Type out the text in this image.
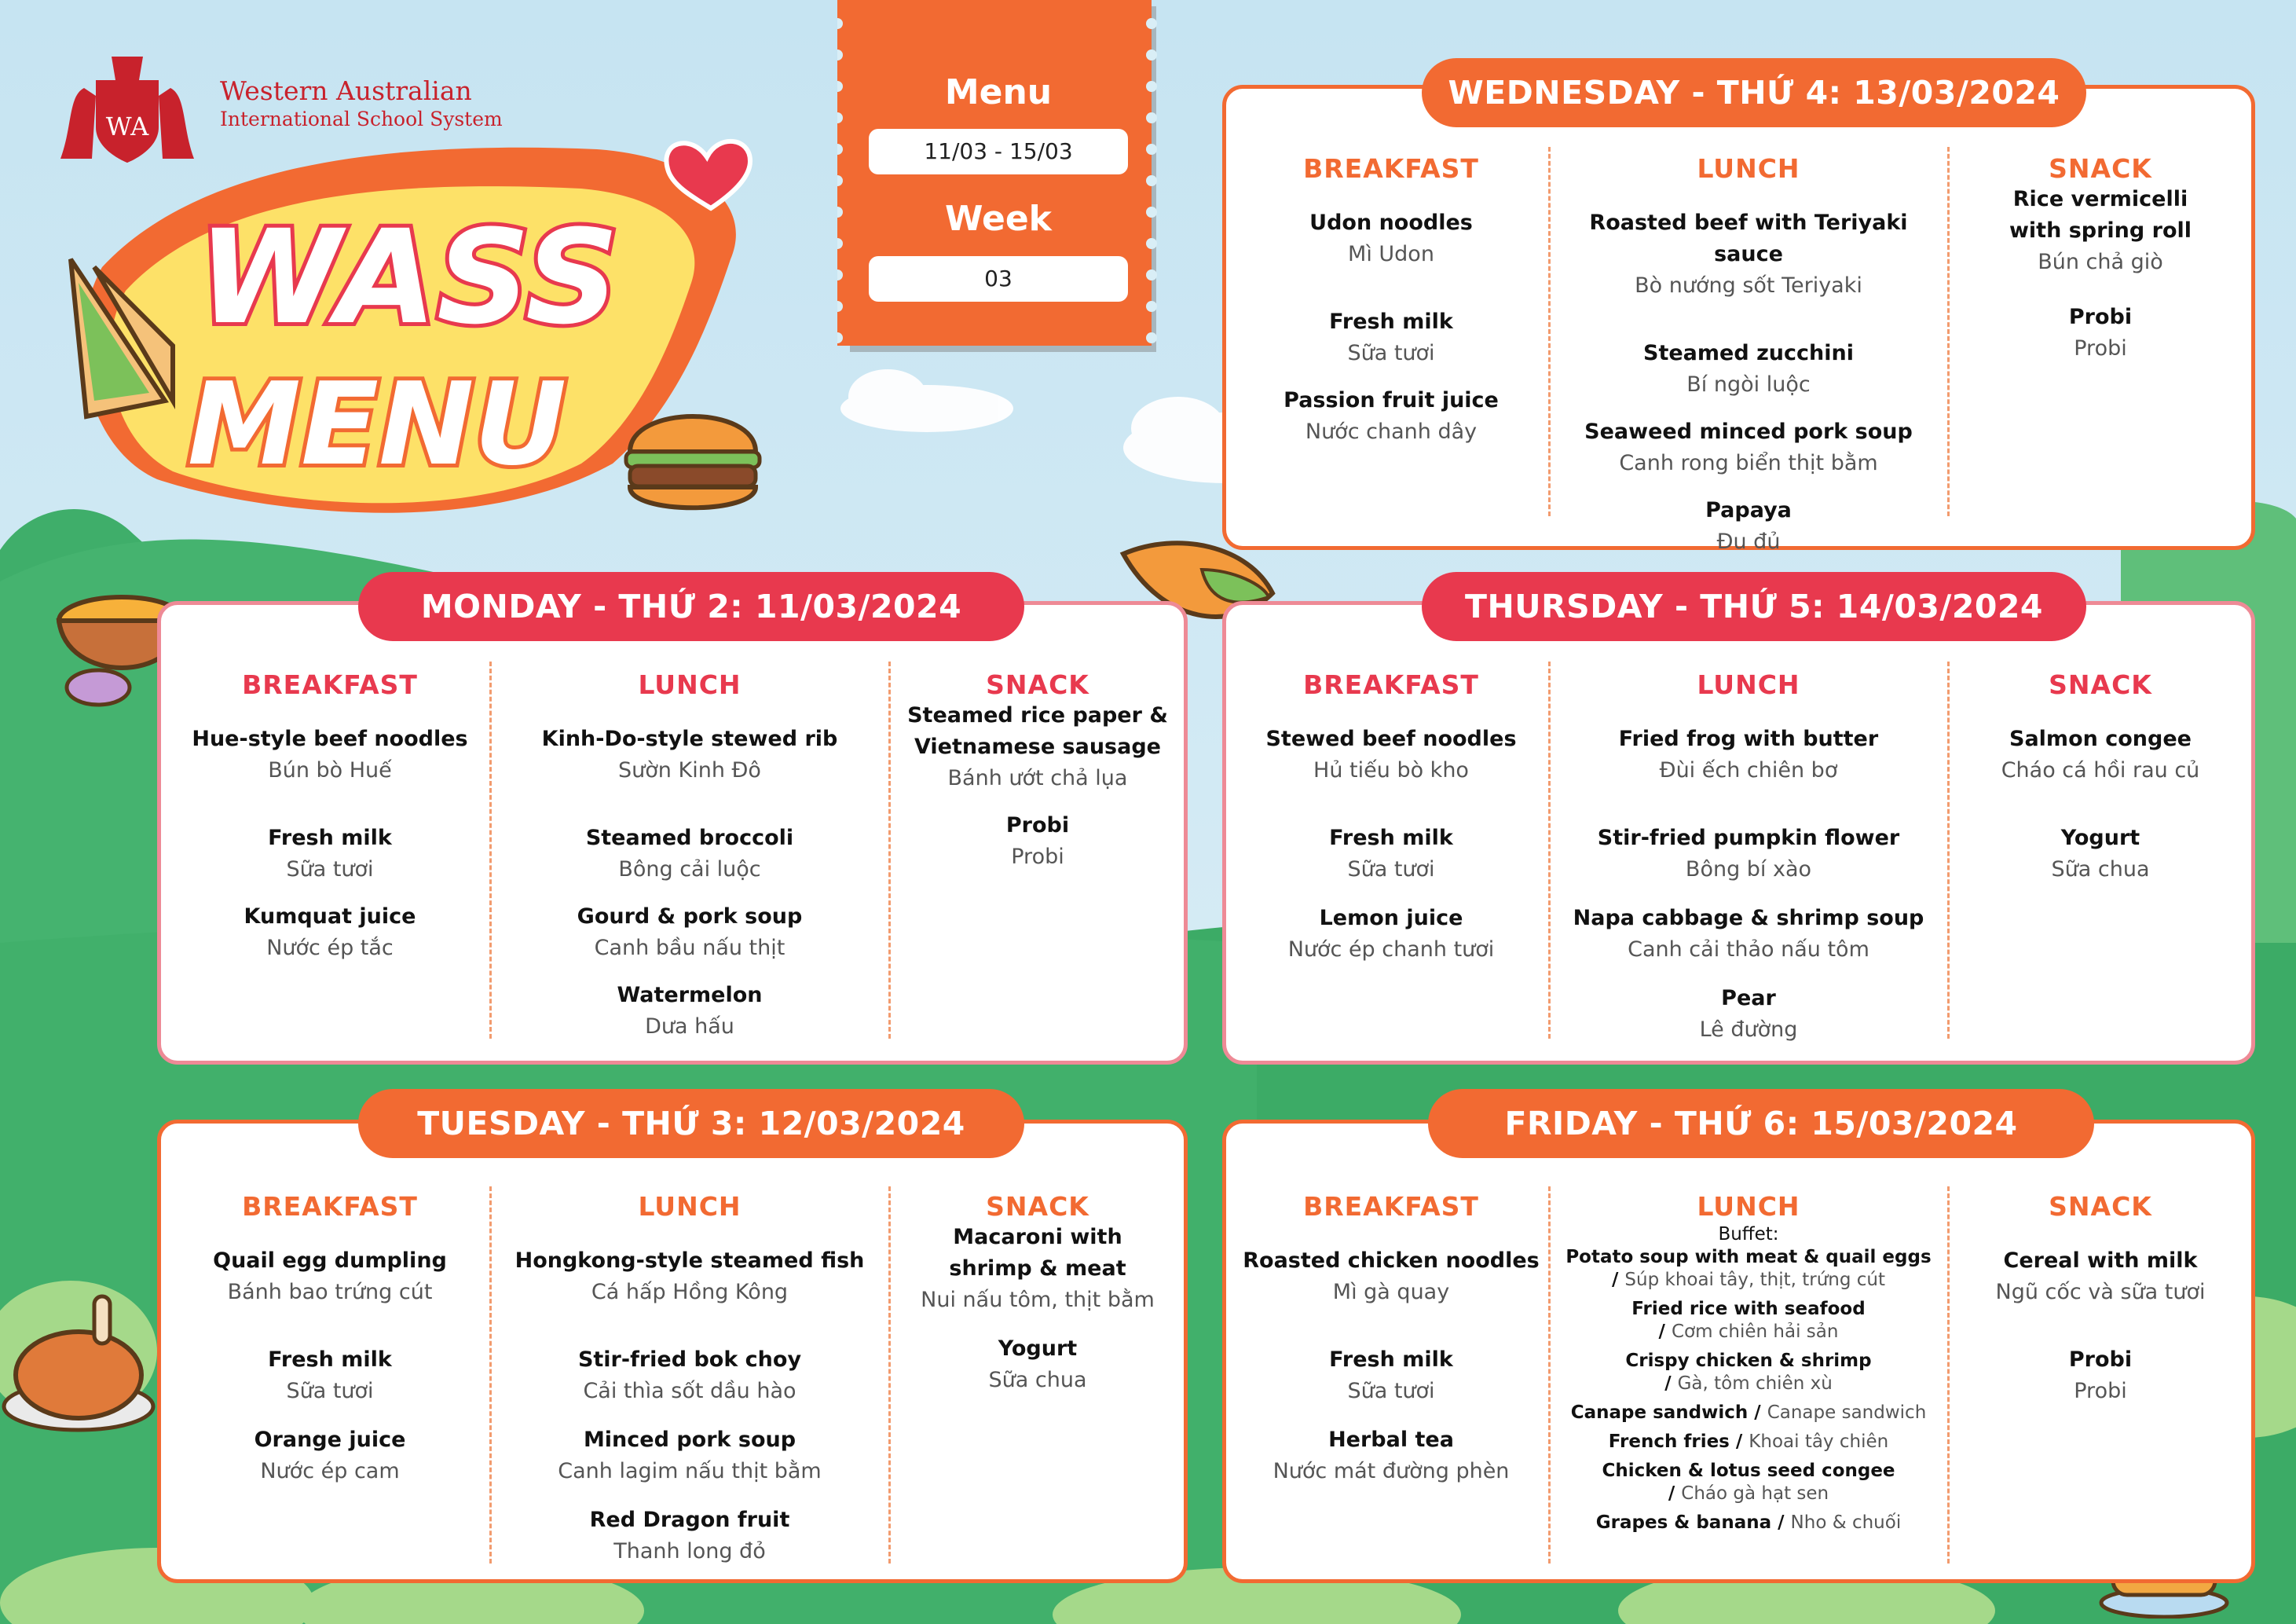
WA
Western Australian
International School System
WASS
MENU
Menu
11/03 - 15/03
Week
03
BREAKFAST
Udon noodles
Mì Udon
Fresh milk
Sữa tươi
Passion fruit juice
Nước chanh dây
LUNCH
Roasted beef with Teriyaki sauce
Bò nướng sốt Teriyaki
Steamed zucchini
Bí ngòi luộc
Seaweed minced pork soup
Canh rong biển thịt bằm
Papaya
Đu đủ
SNACK
Rice vermicelli
with spring roll
Bún chả giò
Probi
Probi
WEDNESDAY - THỨ 4: 13/03/2024
BREAKFAST
Hue-style beef noodles
Bún bò Huế
Fresh milk
Sữa tươi
Kumquat juice
Nước ép tắc
LUNCH
Kinh-Do-style stewed rib
Sườn Kinh Đô
Steamed broccoli
Bông cải luộc
Gourd & pork soup
Canh bầu nấu thịt
Watermelon
Dưa hấu
SNACK
Steamed rice paper &
Vietnamese sausage
Bánh ướt chả lụa
Probi
Probi
MONDAY - THỨ 2: 11/03/2024
BREAKFAST
Stewed beef noodles
Hủ tiếu bò kho
Fresh milk
Sữa tươi
Lemon juice
Nước ép chanh tươi
LUNCH
Fried frog with butter
Đùi ếch chiên bơ
Stir-fried pumpkin flower
Bông bí xào
Napa cabbage & shrimp soup
Canh cải thảo nấu tôm
Pear
Lê đường
SNACK
Salmon congee
Cháo cá hồi rau củ
Yogurt
Sữa chua
THURSDAY - THỨ 5: 14/03/2024
BREAKFAST
Quail egg dumpling
Bánh bao trứng cút
Fresh milk
Sữa tươi
Orange juice
Nước ép cam
LUNCH
Hongkong-style steamed fish
Cá hấp Hồng Kông
Stir-fried bok choy
Cải thìa sốt dầu hào
Minced pork soup
Canh lagim nấu thịt bằm
Red Dragon fruit
Thanh long đỏ
SNACK
Macaroni with
shrimp & meat
Nui nấu tôm, thịt bằm
Yogurt
Sữa chua
TUESDAY - THỨ 3: 12/03/2024
BREAKFAST
Roasted chicken noodles
Mì gà quay
Fresh milk
Sữa tươi
Herbal tea
Nước mát đường phèn
LUNCH
Buffet:
Potato soup with meat & quail eggs
/ Súp khoai tây, thịt, trứng cút
Fried rice with seafood
/ Cơm chiên hải sản
Crispy chicken & shrimp
/ Gà, tôm chiên xù
Canape sandwich / Canape sandwich
French fries / Khoai tây chiên
Chicken & lotus seed congee
/ Cháo gà hạt sen
Grapes & banana / Nho & chuối
SNACK
Cereal with milk
Ngũ cốc và sữa tươi
Probi
Probi
FRIDAY - THỨ 6: 15/03/2024
